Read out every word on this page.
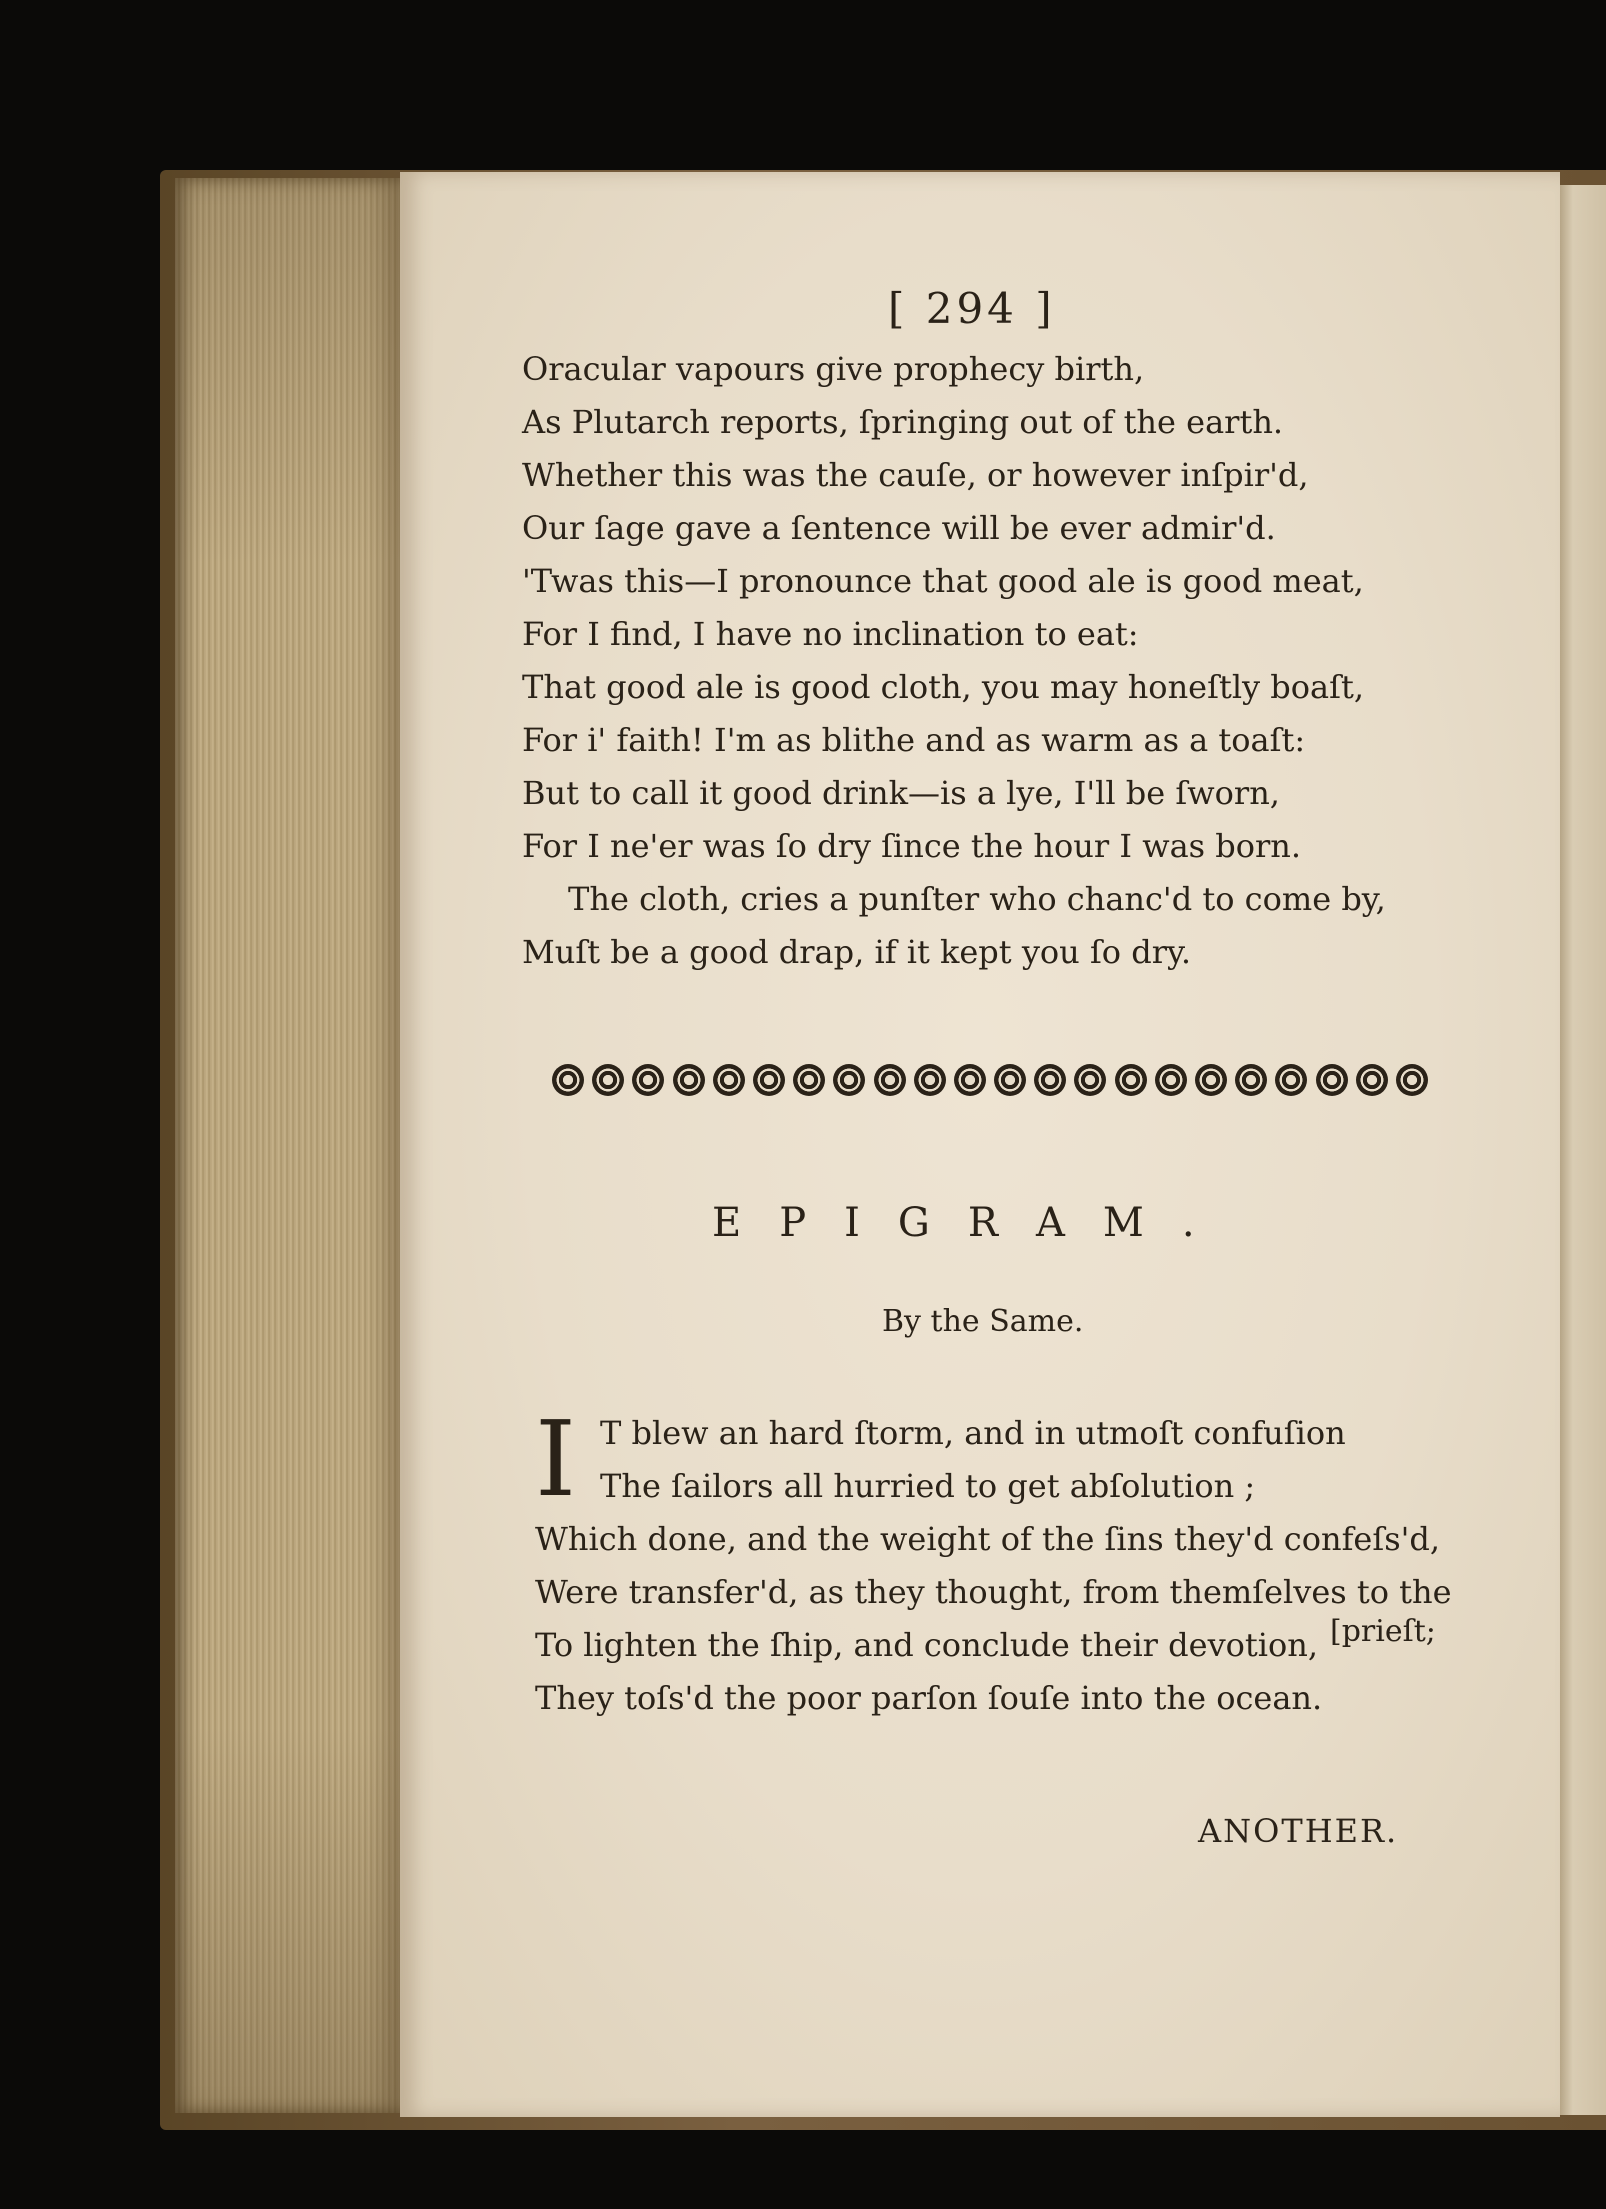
[ 294 ]
Oracular vapours give prophecy birth,
As Plutarch reports, ſpringing out of the earth.
Whether this was the cauſe, or however inſpir'd,
Our ſage gave a ſentence will be ever admir'd.
'Twas this—I pronounce that good ale is good meat,
For I find, I have no inclination to eat:
That good ale is good cloth, you may honeſtly boaſt,
For i' faith! I'm as blithe and as warm as a toaſt:
But to call it good drink—is a lye, I'll be ſworn,
For I ne'er was ſo dry ſince the hour I was born.
The cloth, cries a punſter who chanc'd to come by,
Muſt be a good drap, if it kept you ſo dry.
EPIGRAM.
By the Same.
I T blew an hard ſtorm, and in utmoſt confuſion
The ſailors all hurried to get abſolution ;
Which done, and the weight of the ſins they'd confeſs'd,
Were transfer'd, as they thought, from themſelves to the
To lighten the ſhip, and conclude their devotion, [prieſt;
They toſs'd the poor parſon ſouſe into the ocean.
ANOTHER.
